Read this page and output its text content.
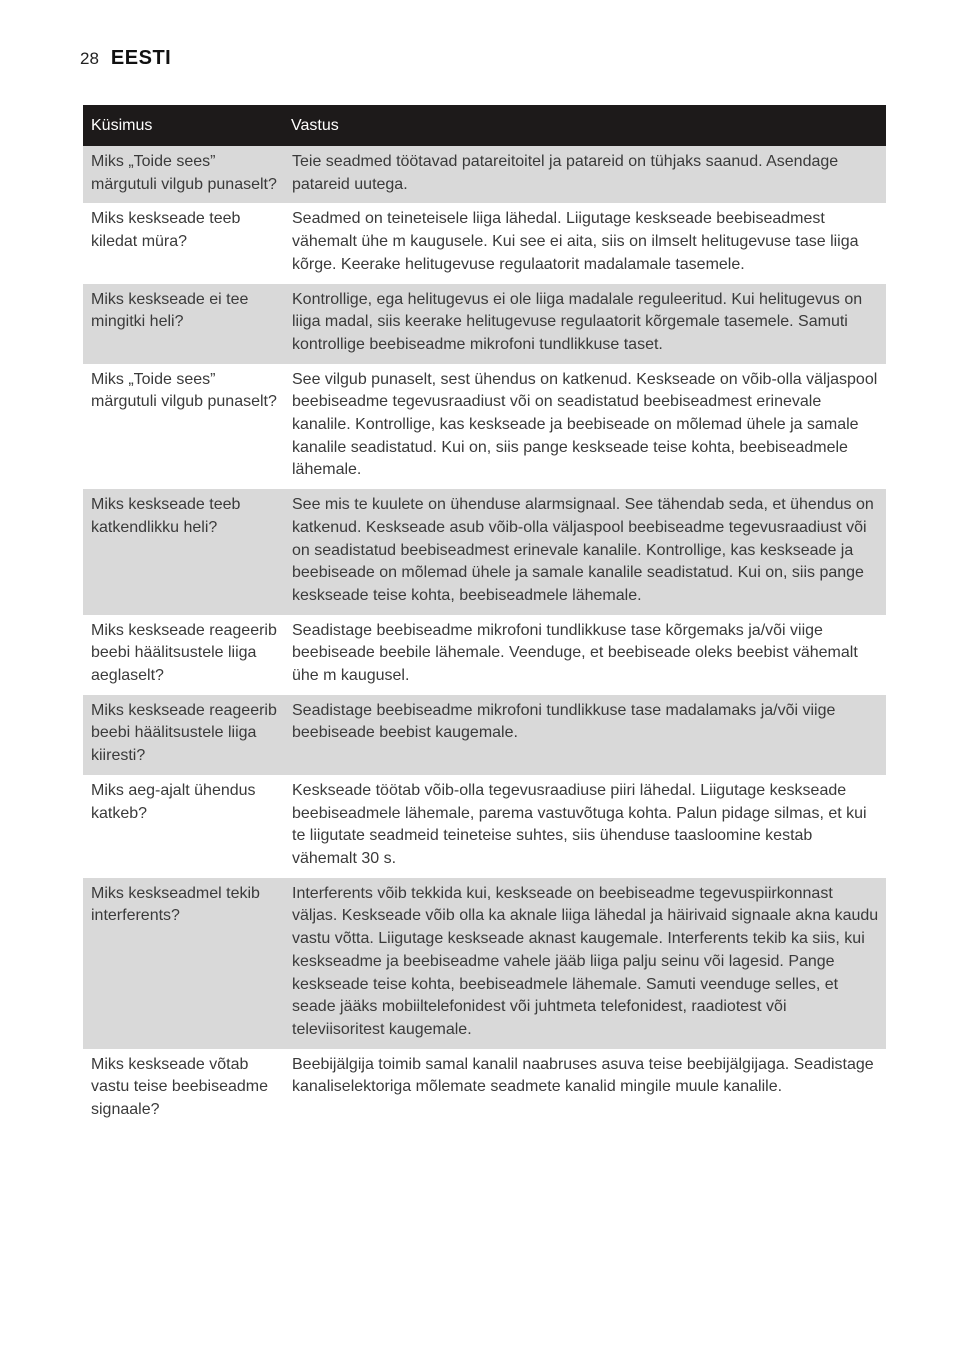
28 EESTI
Küsimus	Vastus
Miks „Toide sees” märgutuli vilgub punaselt?	Teie seadmed töötavad patareitoitel ja patareid on tühjaks saanud. Asendage patareid uutega.
Miks keskseade teeb kiledat müra?	Seadmed on teineteisele liiga lähedal. Liigutage keskseade beebiseadmest vähemalt ühe m kaugusele. Kui see ei aita, siis on ilmselt helitugevuse tase liiga kõrge. Keerake helitugevuse regulaatorit madalamale tasemele.
Miks keskseade ei tee mingitki heli?	Kontrollige, ega helitugevus ei ole liiga madalale reguleeritud. Kui helitugevus on liiga madal, siis keerake helitugevuse regulaatorit kõrgemale tasemele. Samuti kontrollige beebiseadme mikrofoni tundlikkuse taset.
Miks „Toide sees” märgutuli vilgub punaselt?	See vilgub punaselt, sest ühendus on katkenud. Keskseade on võib-olla väljaspool beebiseadme tegevusraadiust või on seadistatud beebiseadmest erinevale kanalile. Kontrollige, kas keskseade ja beebiseade on mõlemad ühele ja samale kanalile seadistatud. Kui on, siis pange keskseade teise kohta, beebiseadmele lähemale.
Miks keskseade teeb katkendlikku heli?	See mis te kuulete on ühenduse alarmsignaal. See tähendab seda, et ühendus on katkenud. Keskseade asub võib-olla väljaspool beebiseadme tegevusraadiust või on seadistatud beebiseadmest erinevale kanalile. Kontrollige, kas keskseade ja beebiseade on mõlemad ühele ja samale kanalile seadistatud. Kui on, siis pange keskseade teise kohta, beebiseadmele lähemale.
Miks keskseade reageerib beebi häälitsustele liiga aeglaselt?	Seadistage beebiseadme mikrofoni tundlikkuse tase kõrgemaks ja/või viige beebiseade beebile lähemale. Veenduge, et beebiseade oleks beebist vähemalt ühe m kaugusel.
Miks keskseade reageerib beebi häälitsustele liiga kiiresti?	Seadistage beebiseadme mikrofoni tundlikkuse tase madalamaks ja/või viige beebiseade beebist kaugemale.
Miks aeg-ajalt ühendus katkeb?	Keskseade töötab võib-olla tegevusraadiuse piiri lähedal. Liigutage keskseade beebiseadmele lähemale, parema vastuvõtuga kohta. Palun pidage silmas, et kui te liigutate seadmeid teineteise suhtes, siis ühenduse taasloomine kestab vähemalt 30 s.
Miks keskseadmel tekib interferents?	Interferents võib tekkida kui, keskseade on beebiseadme tegevuspiirkonnast väljas. Keskseade võib olla ka aknale liiga lähedal ja häirivaid signaale akna kaudu vastu võtta. Liigutage keskseade aknast kaugemale. Interferents tekib ka siis, kui keskseadme ja beebiseadme vahele jääb liiga palju seinu või lagesid. Pange keskseade teise kohta, beebiseadmele lähemale. Samuti veenduge selles, et seade jääks mobiiltelefonidest või juhtmeta telefonidest, raadiotest või televiisoritest kaugemale.
Miks keskseade võtab vastu teise beebiseadme signaale?	Beebijälgija toimib samal kanalil naabruses asuva teise beebijälgijaga. Seadistage kanaliselektoriga mõlemate seadmete kanalid mingile muule kanalile.
